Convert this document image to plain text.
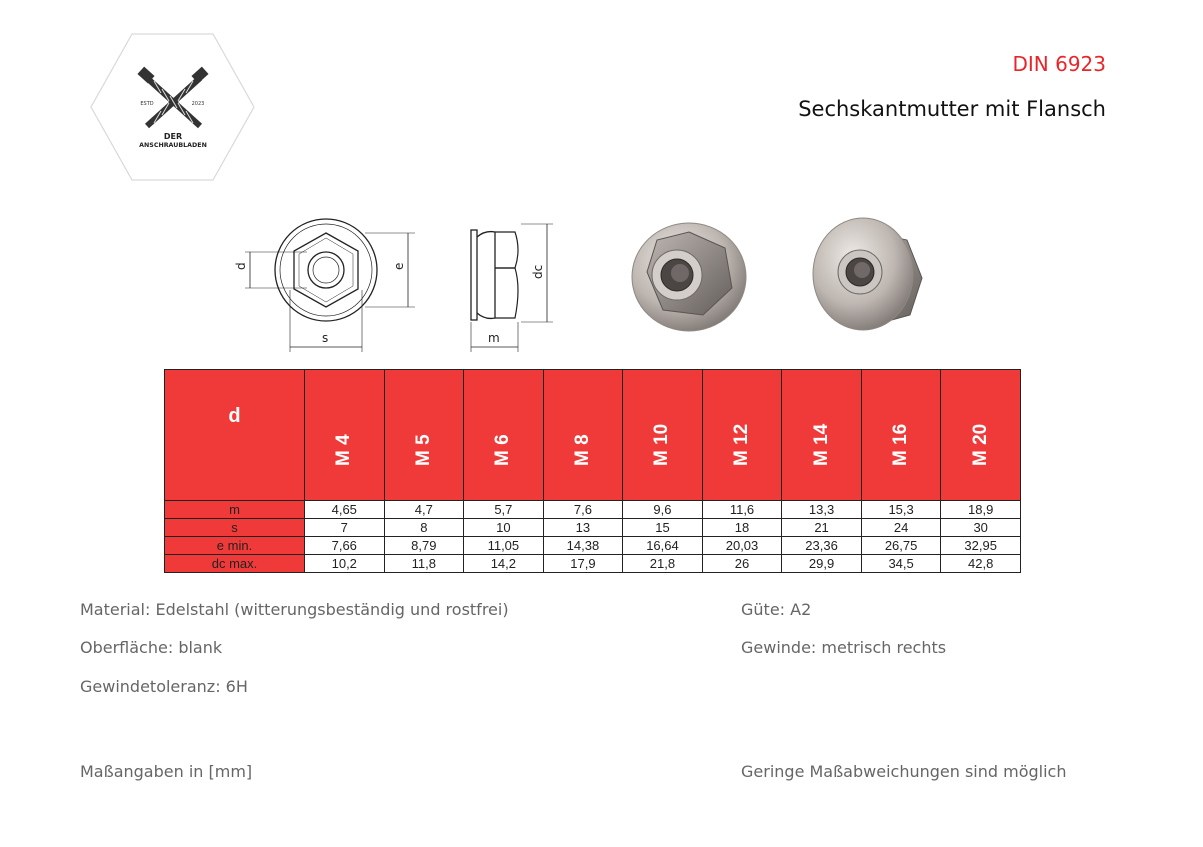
ESTD	2023
DER
ANSCHRAUBLADEN
DIN 6923
Sechskantmutter mit Flansch
d	e
s
dc
m
d	M 4	M 5	M 6	M 8	M 10	M 12	M 14	M 16	M 20

m	4,65	4,7	5,7	7,6	9,6	11,6	13,3	15,3	18,9
s	7	8	10	13	15	18	21	24	30
e min.	7,66	8,79	11,05	14,38	16,64	20,03	23,36	26,75	32,95
dc max.	10,2	11,8	14,2	17,9	21,8	26	29,9	34,5	42,8
Material: Edelstahl (witterungsbeständig und rostfrei)
Oberfläche: blank
Gewindetoleranz: 6H
Güte: A2
Gewinde: metrisch rechts
Maßangaben in [mm]	Geringe Maßabweichungen sind möglich
